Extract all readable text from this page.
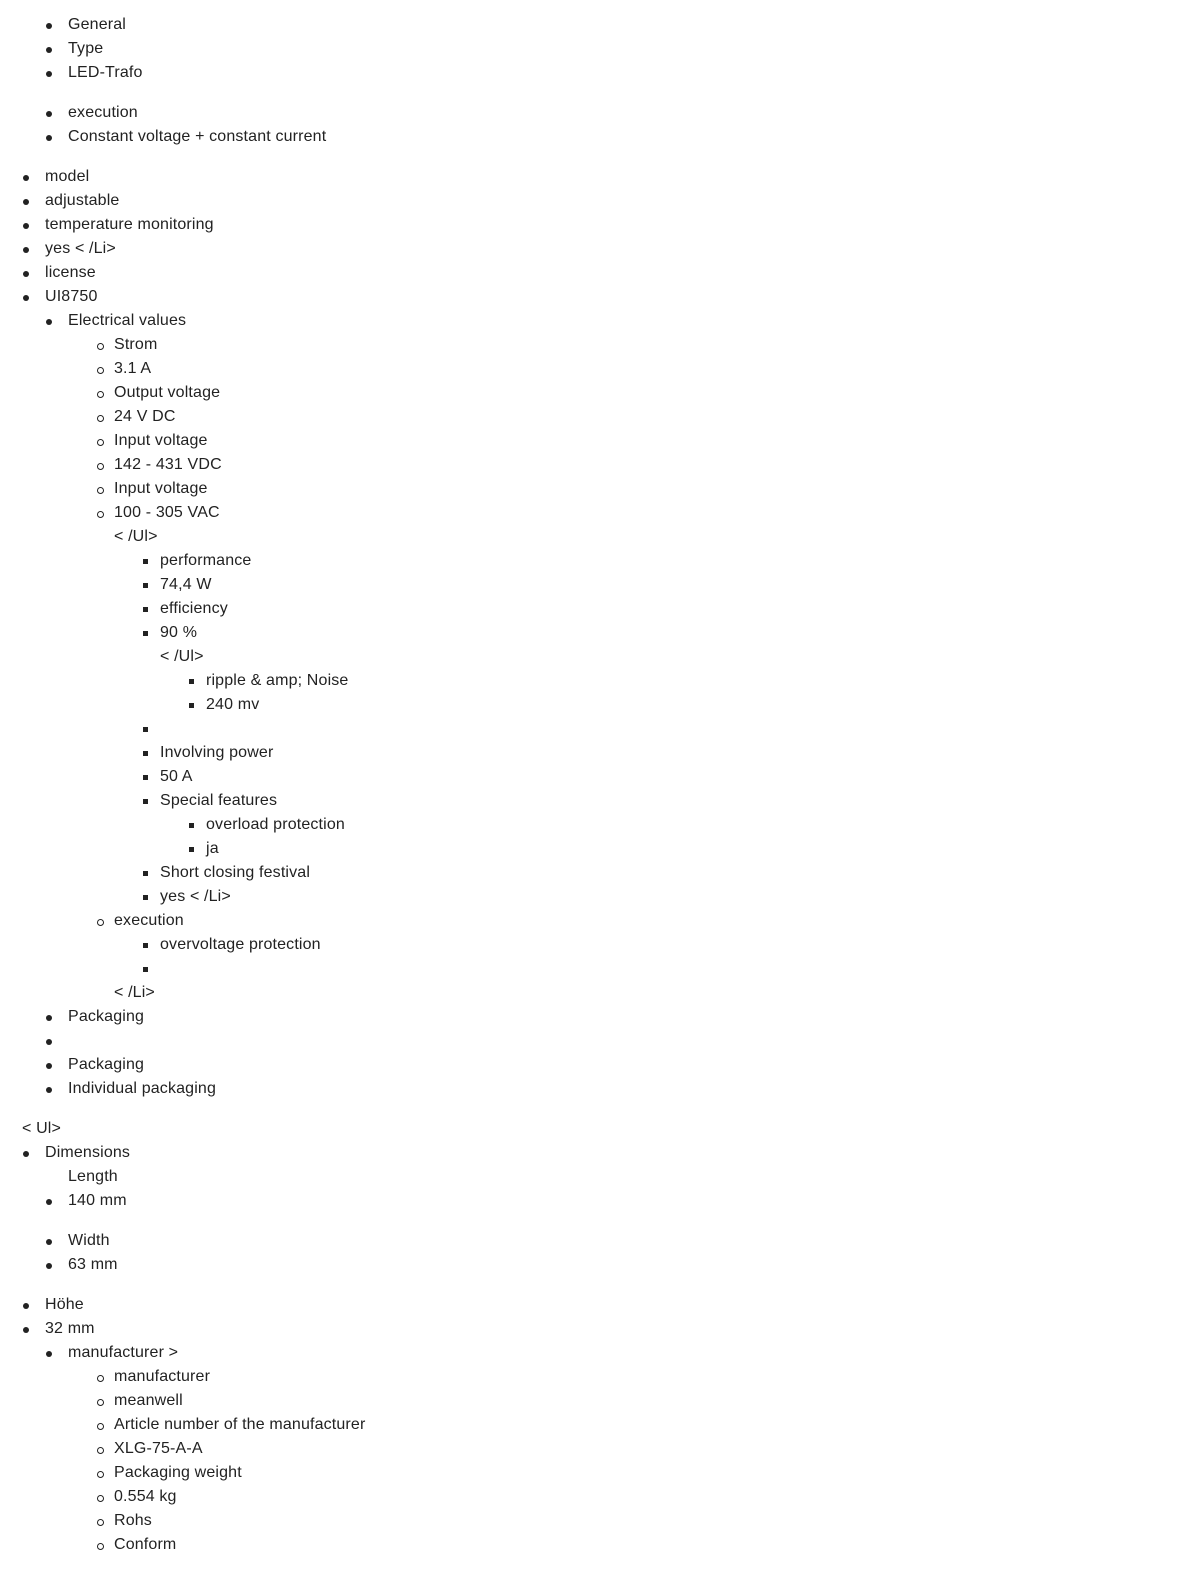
General
Type
LED-Trafo
execution
Constant voltage + constant current
model
adjustable
temperature monitoring
yes < /Li>
license
UI8750
Electrical values
Strom
3.1 A
Output voltage
24 V DC
Input voltage
142 - 431 VDC
Input voltage
100 - 305 VAC
< /Ul>
performance
74,4 W
efficiency
90 %
< /Ul>
ripple & amp; Noise
240 mv
Involving power
50 A
Special features
overload protection
ja
Short closing festival
yes < /Li>
execution
overvoltage protection
< /Li>
Packaging
Packaging
Individual packaging
< Ul>
Dimensions
Length
140 mm
Width
63 mm
Höhe
32 mm
manufacturer >
manufacturer
meanwell
Article number of the manufacturer
XLG-75-A-A
Packaging weight
0.554 kg
Rohs
Conform
